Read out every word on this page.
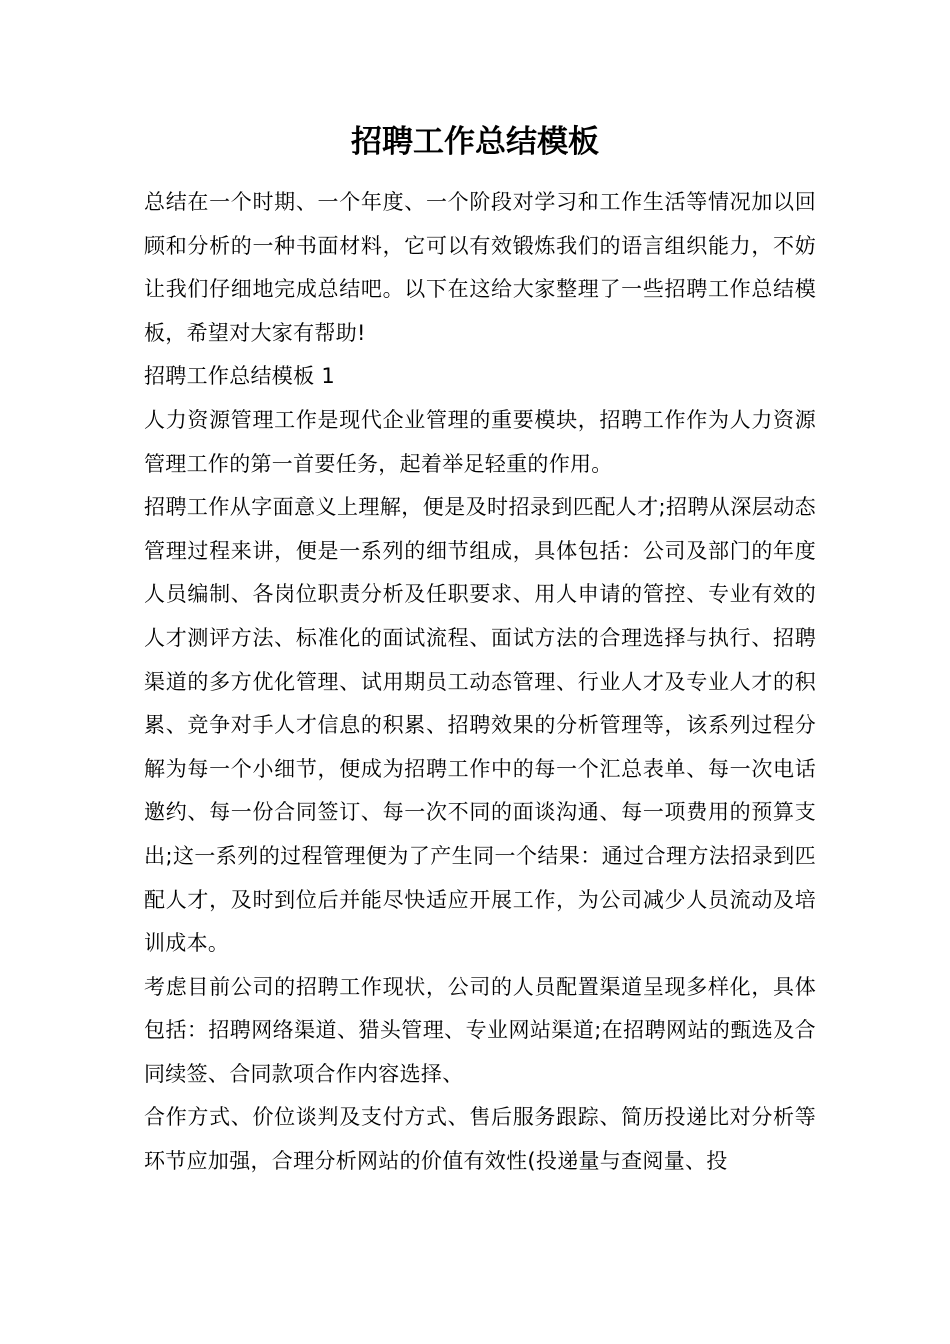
招聘工作总结模板

总结在一个时期、一个年度、一个阶段对学习和工作生活等情况加以回顾和分析的一种书面材料，它可以有效锻炼我们的语言组织能力，不妨让我们仔细地完成总结吧。以下在这给大家整理了一些招聘工作总结模板，希望对大家有帮助!

招聘工作总结模板 1

人力资源管理工作是现代企业管理的重要模块，招聘工作作为人力资源管理工作的第一首要任务，起着举足轻重的作用。

招聘工作从字面意义上理解，便是及时招录到匹配人才;招聘从深层动态管理过程来讲，便是一系列的细节组成，具体包括：公司及部门的年度人员编制、各岗位职责分析及任职要求、用人申请的管控、专业有效的人才测评方法、标准化的面试流程、面试方法的合理选择与执行、招聘渠道的多方优化管理、试用期员工动态管理、行业人才及专业人才的积累、竞争对手人才信息的积累、招聘效果的分析管理等，该系列过程分解为每一个小细节，便成为招聘工作中的每一个汇总表单、每一次电话邀约、每一份合同签订、每一次不同的面谈沟通、每一项费用的预算支出;这一系列的过程管理便为了产生同一个结果：通过合理方法招录到匹配人才，及时到位后并能尽快适应开展工作，为公司减少人员流动及培训成本。

考虑目前公司的招聘工作现状，公司的人员配置渠道呈现多样化，具体包括：招聘网络渠道、猎头管理、专业网站渠道;在招聘网站的甄选及合同续签、合同款项合作内容选择、

合作方式、价位谈判及支付方式、售后服务跟踪、简历投递比对分析等环节应加强，合理分析网站的价值有效性(投递量与查阅量、投
